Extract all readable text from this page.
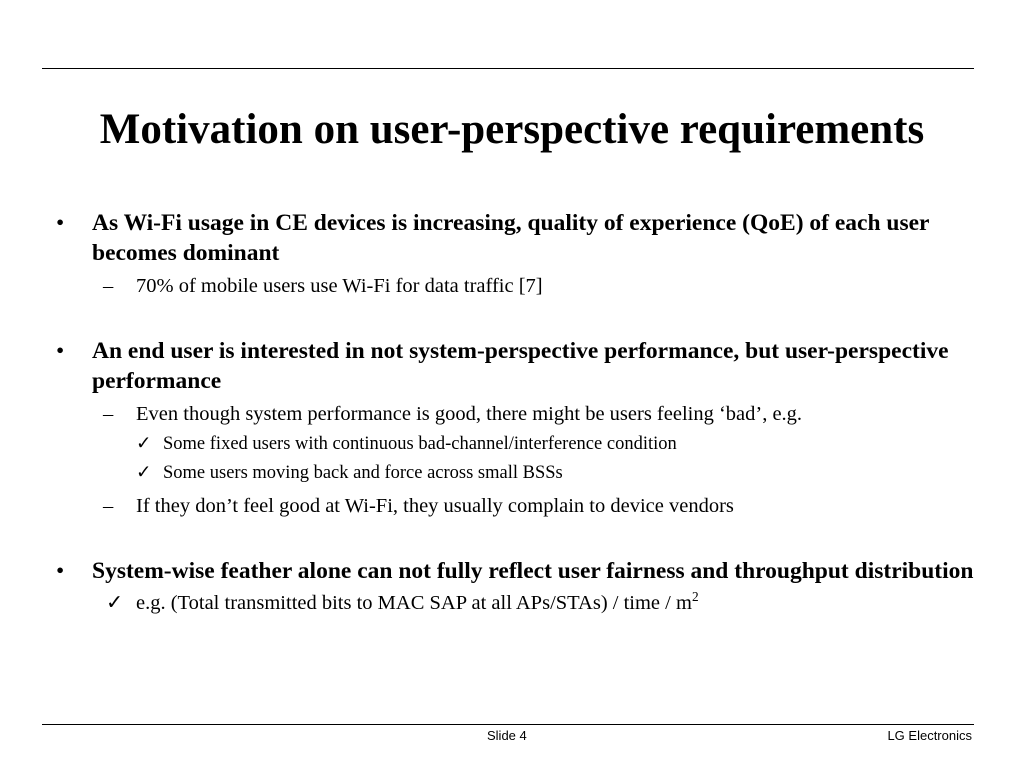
Motivation on user-perspective requirements
• As Wi-Fi usage in CE devices is increasing, quality of experience (QoE) of each user becomes dominant
– 70% of mobile users use Wi-Fi for data traffic [7]
• An end user is interested in not system-perspective performance, but user-perspective performance
– Even though system performance is good, there might be users feeling ‘bad’, e.g.
✓ Some fixed users with continuous bad-channel/interference condition
✓ Some users moving back and force across small BSSs
– If they don’t feel good at Wi-Fi, they usually complain to device vendors
• System-wise feather alone can not fully reflect user fairness and throughput distribution
✓ e.g. (Total transmitted bits to MAC SAP at all APs/STAs) / time / $m^2$
Slide 4	LG Electronics
